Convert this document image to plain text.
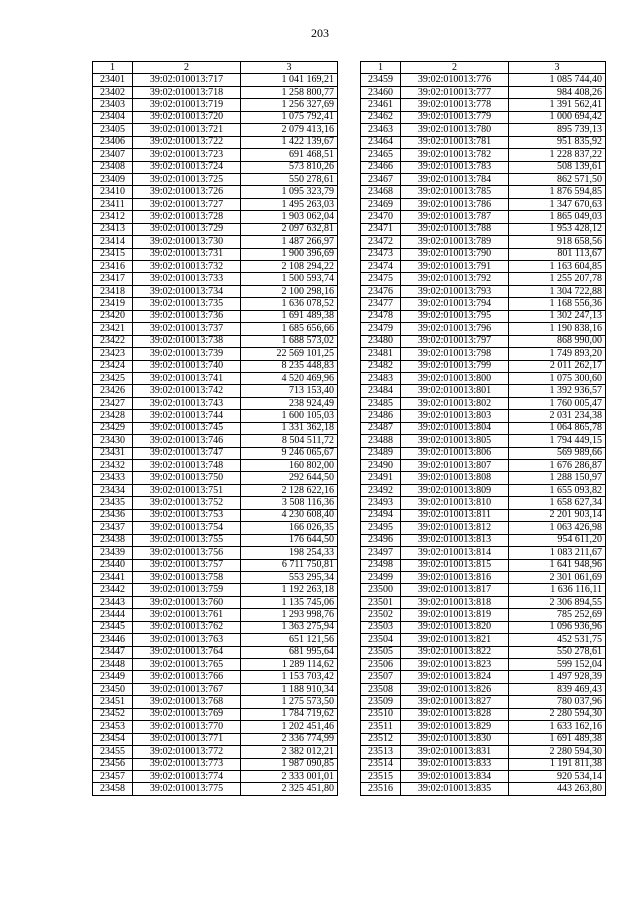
203
1	2	3
23401	39:02:010013:717	1 041 169,21
23402	39:02:010013:718	1 258 800,77
23403	39:02:010013:719	1 256 327,69
23404	39:02:010013:720	1 075 792,41
23405	39:02:010013:721	2 079 413,16
23406	39:02:010013:722	1 422 139,67
23407	39:02:010013:723	691 468,51
23408	39:02:010013:724	573 810,26
23409	39:02:010013:725	550 278,61
23410	39:02:010013:726	1 095 323,79
23411	39:02:010013:727	1 495 263,03
23412	39:02:010013:728	1 903 062,04
23413	39:02:010013:729	2 097 632,81
23414	39:02:010013:730	1 487 266,97
23415	39:02:010013:731	1 900 396,69
23416	39:02:010013:732	2 108 294,22
23417	39:02:010013:733	1 500 593,74
23418	39:02:010013:734	2 100 298,16
23419	39:02:010013:735	1 636 078,52
23420	39:02:010013:736	1 691 489,38
23421	39:02:010013:737	1 685 656,66
23422	39:02:010013:738	1 688 573,02
23423	39:02:010013:739	22 569 101,25
23424	39:02:010013:740	8 235 448,83
23425	39:02:010013:741	4 520 469,96
23426	39:02:010013:742	713 153,40
23427	39:02:010013:743	238 924,49
23428	39:02:010013:744	1 600 105,03
23429	39:02:010013:745	1 331 362,18
23430	39:02:010013:746	8 504 511,72
23431	39:02:010013:747	9 246 065,67
23432	39:02:010013:748	160 802,00
23433	39:02:010013:750	292 644,50
23434	39:02:010013:751	2 128 622,16
23435	39:02:010013:752	3 508 116,36
23436	39:02:010013:753	4 230 608,40
23437	39:02:010013:754	166 026,35
23438	39:02:010013:755	176 644,50
23439	39:02:010013:756	198 254,33
23440	39:02:010013:757	6 711 750,81
23441	39:02:010013:758	553 295,34
23442	39:02:010013:759	1 192 263,18
23443	39:02:010013:760	1 135 745,06
23444	39:02:010013:761	1 293 998,76
23445	39:02:010013:762	1 363 275,94
23446	39:02:010013:763	651 121,56
23447	39:02:010013:764	681 995,64
23448	39:02:010013:765	1 289 114,62
23449	39:02:010013:766	1 153 703,42
23450	39:02:010013:767	1 188 910,34
23451	39:02:010013:768	1 275 573,50
23452	39:02:010013:769	1 784 719,62
23453	39:02:010013:770	1 202 451,46
23454	39:02:010013:771	2 336 774,99
23455	39:02:010013:772	2 382 012,21
23456	39:02:010013:773	1 987 090,85
23457	39:02:010013:774	2 333 001,01
23458	39:02:010013:775	2 325 451,80
1	2	3
23459	39:02:010013:776	1 085 744,40
23460	39:02:010013:777	984 408,26
23461	39:02:010013:778	1 391 562,41
23462	39:02:010013:779	1 000 694,42
23463	39:02:010013:780	895 739,13
23464	39:02:010013:781	951 835,92
23465	39:02:010013:782	1 228 837,22
23466	39:02:010013:783	508 139,61
23467	39:02:010013:784	862 571,50
23468	39:02:010013:785	1 876 594,85
23469	39:02:010013:786	1 347 670,63
23470	39:02:010013:787	1 865 049,03
23471	39:02:010013:788	1 953 428,12
23472	39:02:010013:789	918 658,56
23473	39:02:010013:790	801 113,67
23474	39:02:010013:791	1 163 604,85
23475	39:02:010013:792	1 255 207,78
23476	39:02:010013:793	1 304 722,88
23477	39:02:010013:794	1 168 556,36
23478	39:02:010013:795	1 302 247,13
23479	39:02:010013:796	1 190 838,16
23480	39:02:010013:797	868 990,00
23481	39:02:010013:798	1 749 893,20
23482	39:02:010013:799	2 011 262,17
23483	39:02:010013:800	1 075 300,60
23484	39:02:010013:801	1 392 936,57
23485	39:02:010013:802	1 760 005,47
23486	39:02:010013:803	2 031 234,38
23487	39:02:010013:804	1 064 865,78
23488	39:02:010013:805	1 794 449,15
23489	39:02:010013:806	569 989,66
23490	39:02:010013:807	1 676 286,87
23491	39:02:010013:808	1 288 150,97
23492	39:02:010013:809	1 655 093,82
23493	39:02:010013:810	1 658 627,34
23494	39:02:010013:811	2 201 903,14
23495	39:02:010013:812	1 063 426,98
23496	39:02:010013:813	954 611,20
23497	39:02:010013:814	1 083 211,67
23498	39:02:010013:815	1 641 948,96
23499	39:02:010013:816	2 301 061,69
23500	39:02:010013:817	1 636 116,11
23501	39:02:010013:818	2 306 894,55
23502	39:02:010013:819	785 252,69
23503	39:02:010013:820	1 096 936,96
23504	39:02:010013:821	452 531,75
23505	39:02:010013:822	550 278,61
23506	39:02:010013:823	599 152,04
23507	39:02:010013:824	1 497 928,39
23508	39:02:010013:826	839 469,43
23509	39:02:010013:827	780 037,96
23510	39:02:010013:828	2 280 594,30
23511	39:02:010013:829	1 633 162,16
23512	39:02:010013:830	1 691 489,38
23513	39:02:010013:831	2 280 594,30
23514	39:02:010013:833	1 191 811,38
23515	39:02:010013:834	920 534,14
23516	39:02:010013:835	443 263,80
